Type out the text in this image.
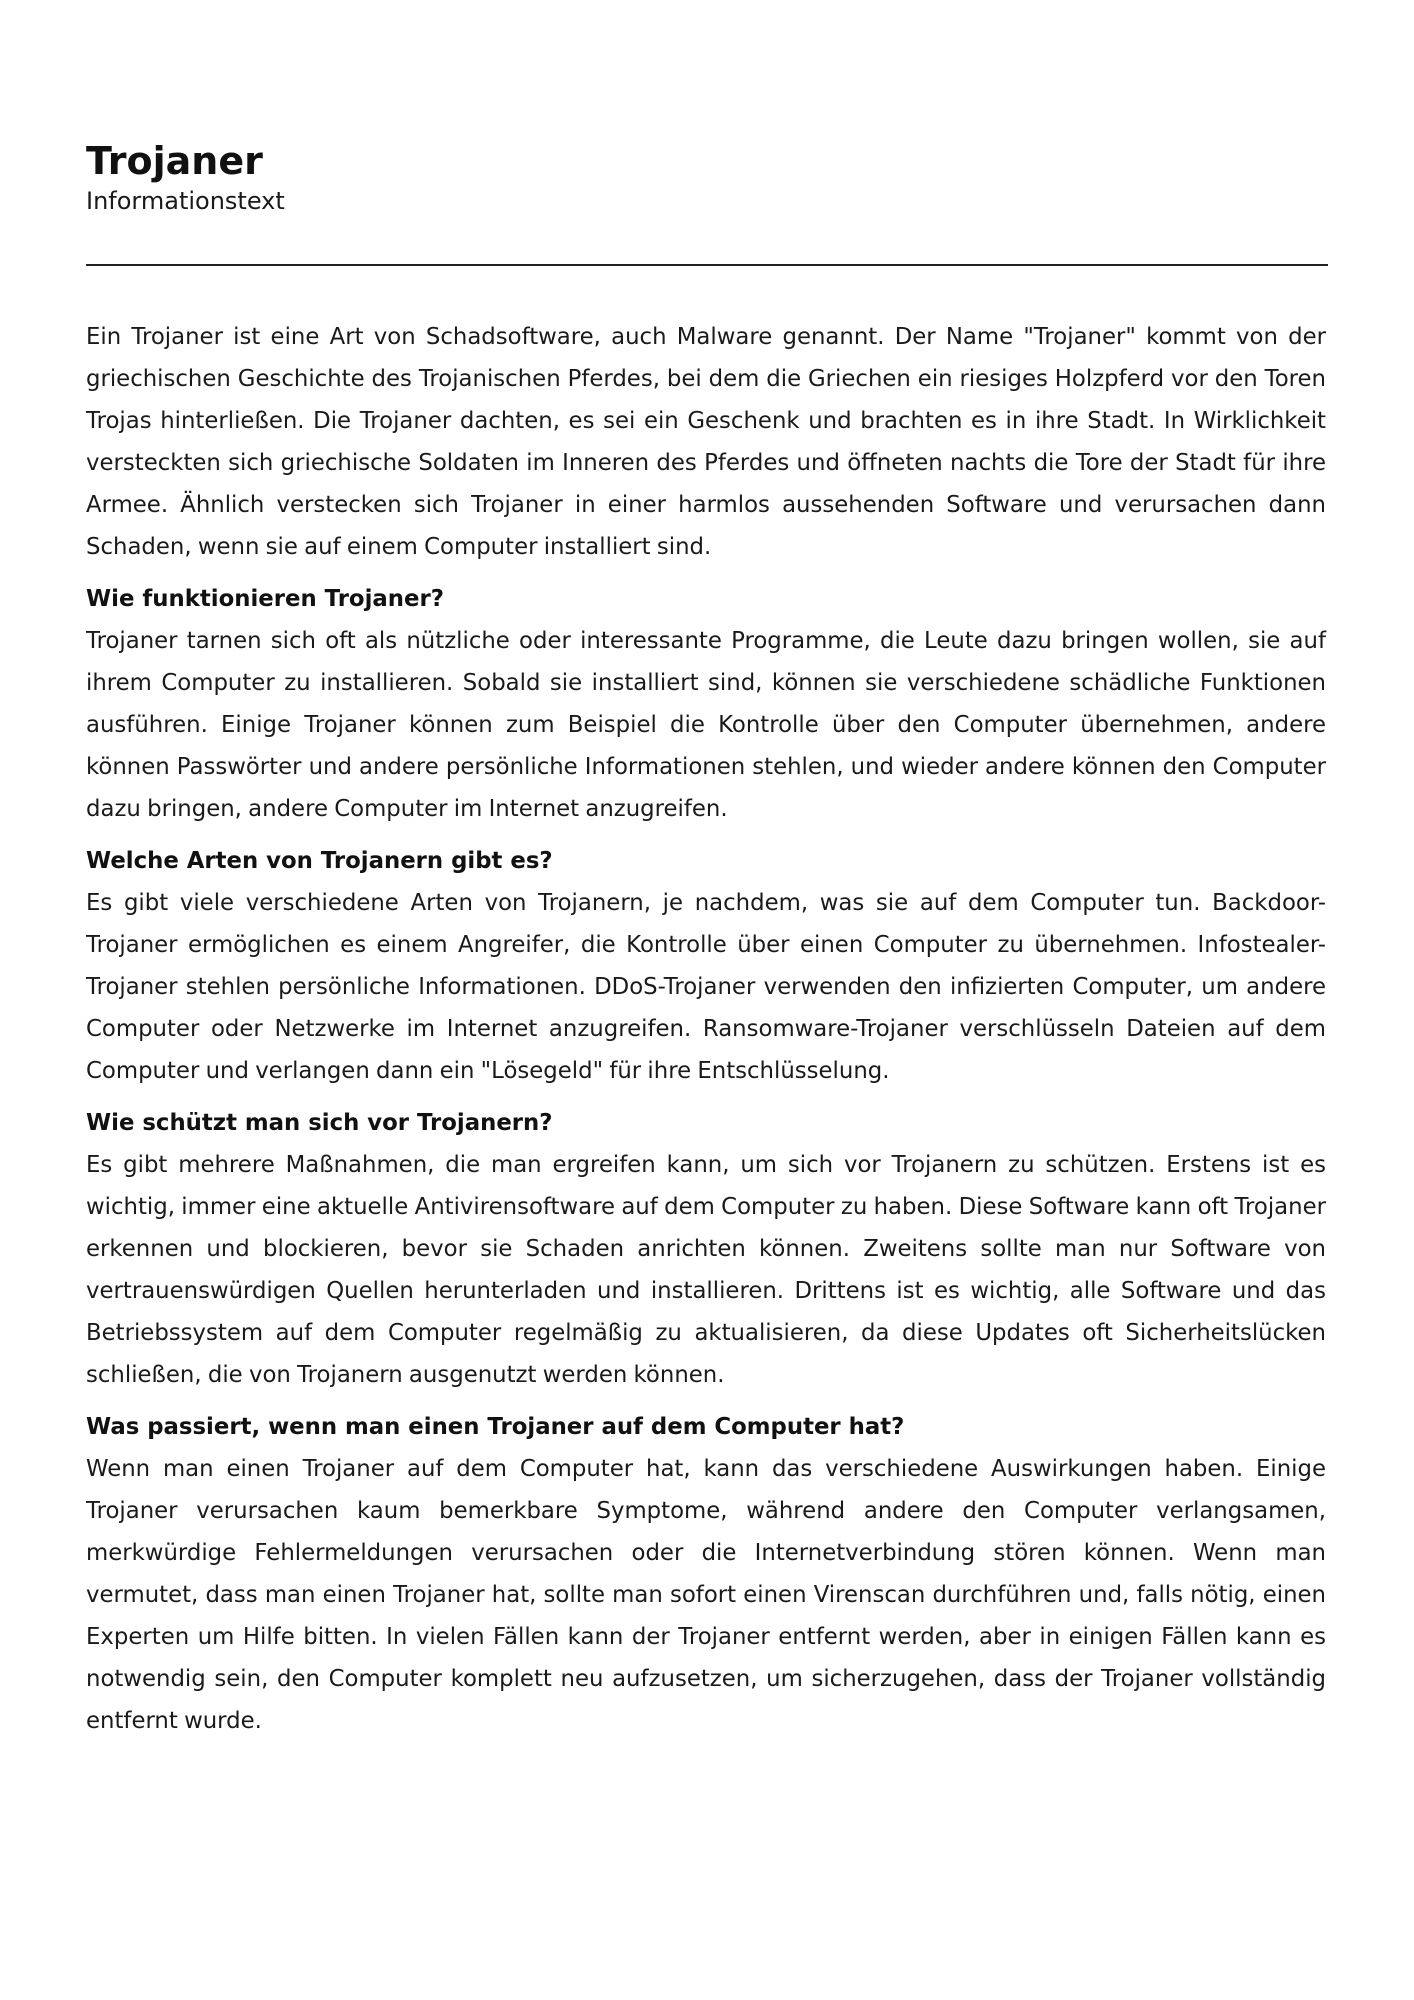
Trojaner
Informationstext

Ein Trojaner ist eine Art von Schadsoftware, auch Malware genannt. Der Name "Trojaner" kommt von der griechischen Geschichte des Trojanischen Pferdes, bei dem die Griechen ein riesiges Holzpferd vor den Toren Trojas hinterließen. Die Trojaner dachten, es sei ein Geschenk und brachten es in ihre Stadt. In Wirklichkeit versteckten sich griechische Soldaten im Inneren des Pferdes und öffneten nachts die Tore der Stadt für ihre Armee. Ähnlich verstecken sich Trojaner in einer harmlos aussehenden Software und verursachen dann Schaden, wenn sie auf einem Computer installiert sind.

Wie funktionieren Trojaner?

Trojaner tarnen sich oft als nützliche oder interessante Programme, die Leute dazu bringen wollen, sie auf ihrem Computer zu installieren. Sobald sie installiert sind, können sie verschiedene schädliche Funktionen ausführen. Einige Trojaner können zum Beispiel die Kontrolle über den Computer übernehmen, andere können Passwörter und andere persönliche Informationen stehlen, und wieder andere können den Computer dazu bringen, andere Computer im Internet anzugreifen.

Welche Arten von Trojanern gibt es?

Es gibt viele verschiedene Arten von Trojanern, je nachdem, was sie auf dem Computer tun. Backdoor-Trojaner ermöglichen es einem Angreifer, die Kontrolle über einen Computer zu übernehmen. Infostealer-Trojaner stehlen persönliche Informationen. DDoS-Trojaner verwenden den infizierten Computer, um andere Computer oder Netzwerke im Internet anzugreifen. Ransomware-Trojaner verschlüsseln Dateien auf dem Computer und verlangen dann ein "Lösegeld" für ihre Entschlüsselung.

Wie schützt man sich vor Trojanern?

Es gibt mehrere Maßnahmen, die man ergreifen kann, um sich vor Trojanern zu schützen. Erstens ist es wichtig, immer eine aktuelle Antivirensoftware auf dem Computer zu haben. Diese Software kann oft Trojaner erkennen und blockieren, bevor sie Schaden anrichten können. Zweitens sollte man nur Software von vertrauenswürdigen Quellen herunterladen und installieren. Drittens ist es wichtig, alle Software und das Betriebssystem auf dem Computer regelmäßig zu aktualisieren, da diese Updates oft Sicherheitslücken schließen, die von Trojanern ausgenutzt werden können.

Was passiert, wenn man einen Trojaner auf dem Computer hat?

Wenn man einen Trojaner auf dem Computer hat, kann das verschiedene Auswirkungen haben. Einige Trojaner verursachen kaum bemerkbare Symptome, während andere den Computer verlangsamen, merkwürdige Fehlermeldungen verursachen oder die Internetverbindung stören können. Wenn man vermutet, dass man einen Trojaner hat, sollte man sofort einen Virenscan durchführen und, falls nötig, einen Experten um Hilfe bitten. In vielen Fällen kann der Trojaner entfernt werden, aber in einigen Fällen kann es notwendig sein, den Computer komplett neu aufzusetzen, um sicherzugehen, dass der Trojaner vollständig entfernt wurde.
